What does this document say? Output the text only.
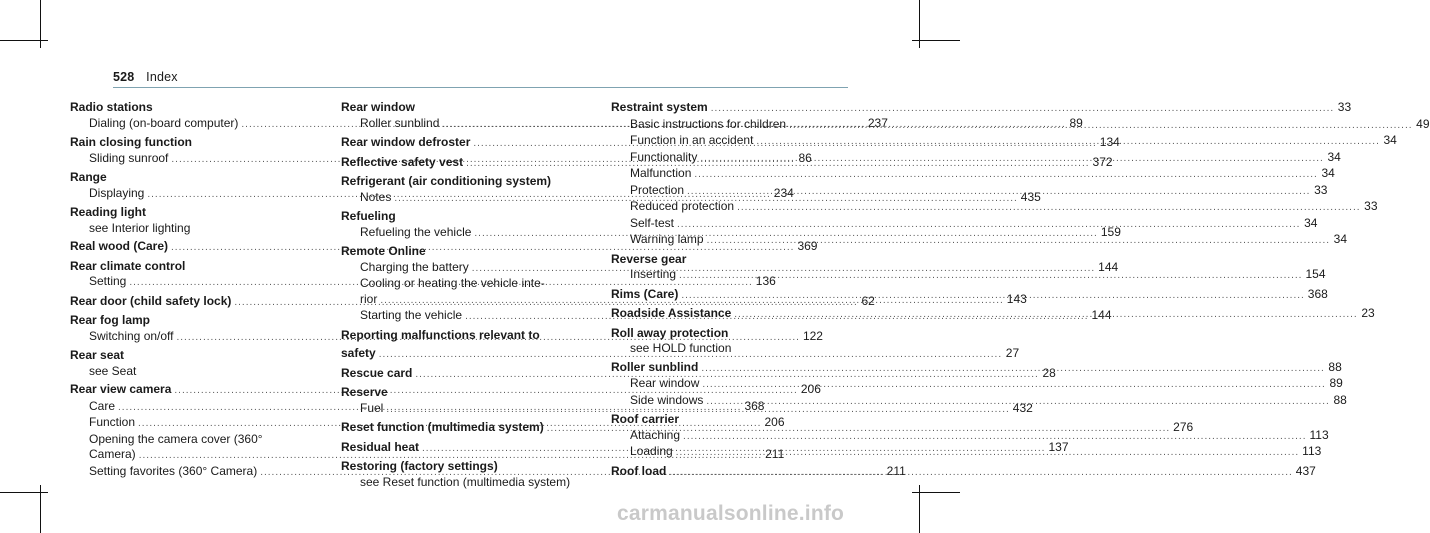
528 Index
Radio stations
Dialing (on-board computer) .....	237
Rain closing function
Sliding sunroof .....	86
Range
Displaying .....	234
Reading light
see Interior lighting
Real wood (Care) .....	369
Rear climate control
Setting .....	136
Rear door (child safety lock) .....	62
Rear fog lamp
Switching on/off .....	122
Rear seat
see Seat
Rear view camera .....	206
Care .....	368
Function .....	206
Opening the camera cover (360°
Camera) .....	211
Setting favorites (360° Camera) .....	211
Rear window
Roller sunblind .....	89
Rear window defroster .....	134
Reflective safety vest .....	372
Refrigerant (air conditioning system)
Notes .....	435
Refueling
Refueling the vehicle .....	159
Remote Online
Charging the battery .....	144
Cooling or heating the vehicle inte-
rior .....	143
Starting the vehicle .....	144
Reporting malfunctions relevant to
safety .....	27
Rescue card .....	28
Reserve
Fuel .....	432
Reset function (multimedia system) .....	276
Residual heat .....	137
Restoring (factory settings)
see Reset function (multimedia system)
Restraint system .....	33
Basic instructions for children .....	49
Function in an accident .....	34
Functionality .....	34
Malfunction .....	34
Protection .....	33
Reduced protection .....	33
Self-test .....	34
Warning lamp .....	34
Reverse gear
Inserting .....	154
Rims (Care) .....	368
Roadside Assistance .....	23
Roll away protection
see HOLD function
Roller sunblind .....	88
Rear window .....	89
Side windows .....	88
Roof carrier
Attaching .....	113
Loading .....	113
Roof load .....	437
carmanualsonline.info
